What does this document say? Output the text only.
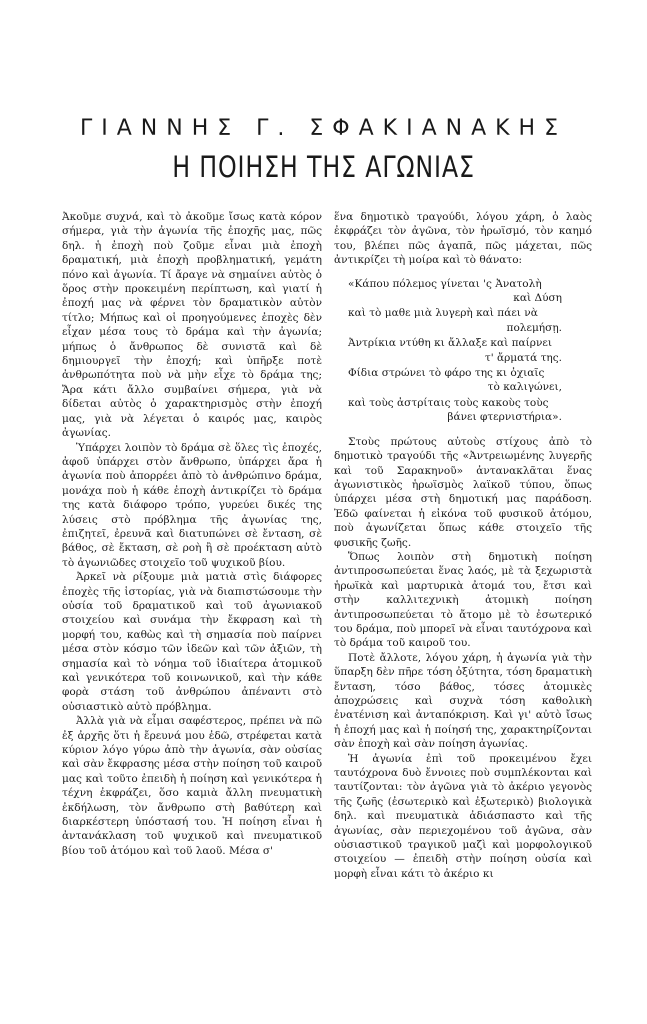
ΓΙΑΝΝΗΣ Γ. ΣΦΑΚΙΑΝΑΚΗΣ
Η ΠΟΙΗΣΗ ΤΗΣ ΑΓΩΝΙΑΣ

Ἀκοῦμε συχνά, καὶ τὸ ἀκοῦμε ἴσως κατὰ κόρον σήμερα, γιὰ τὴν ἀγωνία τῆς ἐποχῆς μας, πῶς δηλ. ἡ ἐποχὴ ποὺ ζοῦμε εἶναι μιὰ ἐποχὴ δραματική, μιὰ ἐποχὴ προβληματική, γεμάτη πόνο καὶ ἀγωνία. Τί ἄραγε νὰ σημαίνει αὐτὸς ὁ ὅρος στὴν προκειμένη περίπτωση, καὶ γιατί ἡ ἐποχή μας νὰ φέρνει τὸν δραματικὸν αὐτὸν τίτλο; Μήπως καὶ οἱ προηγούμενες ἐποχὲς δὲν εἶχαν μέσα τους τὸ δράμα καὶ τὴν ἀγωνία; μήπως ὁ ἄνθρωπος δὲ συνιστᾶ καὶ δὲ δημιουργεῖ τὴν ἐποχή; καὶ ὑπῆρξε ποτὲ ἀνθρωπότητα ποὺ νὰ μὴν εἶχε τὸ δράμα της; Ἄρα κάτι ἄλλο συμβαίνει σήμερα, γιὰ νὰ δίδεται αὐτὸς ὁ χαρακτηρισμὸς στὴν ἐποχή μας, γιὰ νὰ λέγεται ὁ καιρός μας, καιρὸς ἀγωνίας.

Ὑπάρχει λοιπὸν τὸ δράμα σὲ ὅλες τὶς ἐποχές, ἀφοῦ ὑπάρχει στὸν ἄνθρωπο, ὑπάρχει ἄρα ἡ ἀγωνία ποὺ ἀπορρέει ἀπὸ τὸ ἀνθρώπινο δράμα, μονάχα ποὺ ἡ κάθε ἐποχὴ ἀντικρίζει τὸ δράμα της κατὰ διάφορο τρόπο, γυρεύει δικές της λύσεις στὸ πρόβλημα τῆς ἀγωνίας της, ἐπιζητεῖ, ἐρευνᾶ καὶ διατυπώνει σὲ ἔνταση, σὲ βάθος, σὲ ἔκταση, σὲ ροὴ ἢ σὲ προέκταση αὐτὸ τὸ ἀγωνιῶδες στοιχεῖο τοῦ ψυχικοῦ βίου.

Ἀρκεῖ νὰ ρίξουμε μιὰ ματιὰ στὶς διάφορες ἐποχὲς τῆς ἱστορίας, γιὰ νὰ διαπιστώσουμε τὴν οὐσία τοῦ δραματικοῦ καὶ τοῦ ἀγωνιακοῦ στοιχείου καὶ συνάμα τὴν ἔκφραση καὶ τὴ μορφή του, καθὼς καὶ τὴ σημασία ποὺ παίρνει μέσα στὸν κόσμο τῶν ἰδεῶν καὶ τῶν ἀξιῶν, τὴ σημασία καὶ τὸ νόημα τοῦ ἰδιαίτερα ἀτομικοῦ καὶ γενικότερα τοῦ κοινωνικοῦ, καὶ τὴν κάθε φορὰ στάση τοῦ ἀνθρώπου ἀπέναντι στὸ οὐσιαστικὸ αὐτὸ πρόβλημα.

Ἀλλὰ γιὰ νὰ εἶμαι σαφέστερος, πρέπει νὰ πῶ ἐξ ἀρχῆς ὅτι ἡ ἔρευνά μου ἐδῶ, στρέφεται κατὰ κύριον λόγο γύρω ἀπὸ τὴν ἀγωνία, σὰν οὐσίας καὶ σὰν ἔκφρασης μέσα στὴν ποίηση τοῦ καιροῦ μας καὶ τοῦτο ἐπειδὴ ἡ ποίηση καὶ γενικότερα ἡ τέχνη ἐκφράζει, ὅσο καμιὰ ἄλλη πνευματικὴ ἐκδήλωση, τὸν ἄνθρωπο στὴ βαθύτερη καὶ διαρκέστερη ὑπόστασή του. Ἡ ποίηση εἶναι ἡ ἀντανάκλαση τοῦ ψυχικοῦ καὶ πνευματικοῦ βίου τοῦ ἀτόμου καὶ τοῦ λαοῦ. Μέσα σ'

ἕνα δημοτικὸ τραγούδι, λόγου χάρη, ὁ λαὸς ἐκφράζει τὸν ἀγῶνα, τὸν ἡρωϊσμό, τὸν καημό του, βλέπει πῶς ἀγαπᾶ, πῶς μάχεται, πῶς ἀντικρίζει τὴ μοίρα καὶ τὸ θάνατο:

«Κάπου πόλεμος γίνεται 'ς Ἀνατολὴ
καὶ Δύση
καὶ τὸ μαθε μιὰ λυγερὴ καὶ πάει νὰ
πολεμήσῃ.
Ἀντρίκια ντύθη κι ἄλλαξε καὶ παίρνει
τ' ἄρματά της.
Φίδια στρώνει τὸ φάρο της κι ὀχιαῖς
τὸ καλιγώνει,
καὶ τοὺς ἀστρίταις τοὺς κακοὺς τοὺς
βάνει φτερνιστήρια».

Στοὺς πρώτους αὐτοὺς στίχους ἀπὸ τὸ δημοτικὸ τραγούδι τῆς «Ἀντρειωμένης λυγερῆς καὶ τοῦ Σαρακηνοῦ» ἀντανακλᾶται ἕνας ἀγωνιστικὸς ἡρωϊσμὸς λαϊκοῦ τύπου, ὅπως ὑπάρχει μέσα στὴ δημοτική μας παράδοση. Ἐδῶ φαίνεται ἡ εἰκόνα τοῦ φυσικοῦ ἀτόμου, ποὺ ἀγωνίζεται ὅπως κάθε στοιχεῖο τῆς φυσικῆς ζωῆς.

Ὅπως λοιπὸν στὴ δημοτικὴ ποίηση ἀντιπροσωπεύεται ἕνας λαός, μὲ τὰ ξεχωριστὰ ἡρωϊκὰ καὶ μαρτυρικὰ ἀτομά του, ἔτσι καὶ στὴν καλλιτεχνικὴ ἀτομικὴ ποίηση ἀντιπροσωπεύεται τὸ ἄτομο μὲ τὸ ἐσωτερικό του δράμα, ποὺ μπορεῖ νὰ εἶναι ταυτόχρονα καὶ τὸ δράμα τοῦ καιροῦ του.

Ποτὲ ἄλλοτε, λόγου χάρη, ἡ ἀγωνία γιὰ τὴν ὕπαρξη δὲν πῆρε τόση ὀξύτητα, τόση δραματικὴ ἔνταση, τόσο βάθος, τόσες ἀτομικὲς ἀποχρώσεις καὶ συχνὰ τόση καθολικὴ ἐνατένιση καὶ ἀνταπόκριση. Καὶ γι' αὐτὸ ἴσως ἡ ἐποχή μας καὶ ἡ ποίησή της, χαρακτηρίζονται σὰν ἐποχὴ καὶ σὰν ποίηση ἀγωνίας.

Ἡ ἀγωνία ἐπὶ τοῦ προκειμένου ἔχει ταυτόχρονα δυὸ ἔννοιες ποὺ συμπλέκονται καὶ ταυτίζονται: τὸν ἀγῶνα γιὰ τὸ ἀκέριο γεγονὸς τῆς ζωῆς (ἐσωτερικὸ καὶ ἐξωτερικὸ) βιολογικὰ δηλ. καὶ πνευματικὰ ἀδιάσπαστο καὶ τῆς ἀγωνίας, σὰν περιεχομένου τοῦ ἀγῶνα, σὰν οὐσιαστικοῦ τραγικοῦ μαζὶ καὶ μορφολογικοῦ στοιχείου — ἐπειδὴ στὴν ποίηση οὐσία καὶ μορφὴ εἶναι κάτι τὸ ἀκέριο κι
